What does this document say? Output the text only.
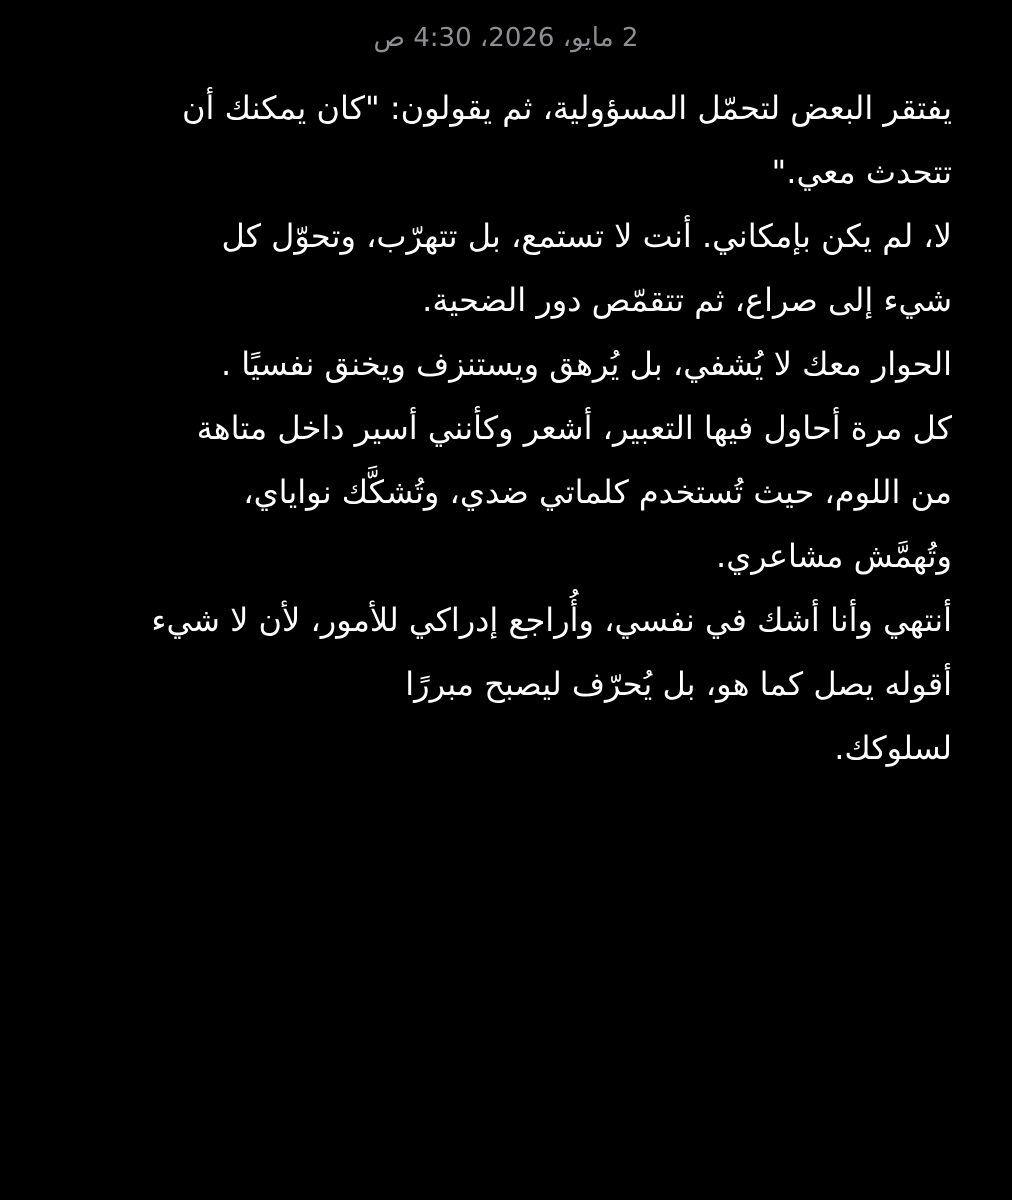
2 مايو، 2026، 4:30 ص
يفتقر البعض لتحمّل المسؤولية، ثم يقولون: "كان يمكنك أن
تتحدث معي."
لا، لم يكن بإمكاني. أنت لا تستمع، بل تتهرّب، وتحوّل كل
شيء إلى صراع، ثم تتقمّص دور الضحية.
الحوار معك لا يُشفي، بل يُرهق ويستنزف ويخنق نفسيًا .
كل مرة أحاول فيها التعبير، أشعر وكأنني أسير داخل متاهة
من اللوم، حيث تُستخدم كلماتي ضدي، وتُشكَّك نواياي،
وتُهمَّش مشاعري.
أنتهي وأنا أشك في نفسي، وأُراجع إدراكي للأمور، لأن لا شيء
أقوله يصل كما هو، بل يُحرّف ليصبح مبررًا
لسلوكك.
